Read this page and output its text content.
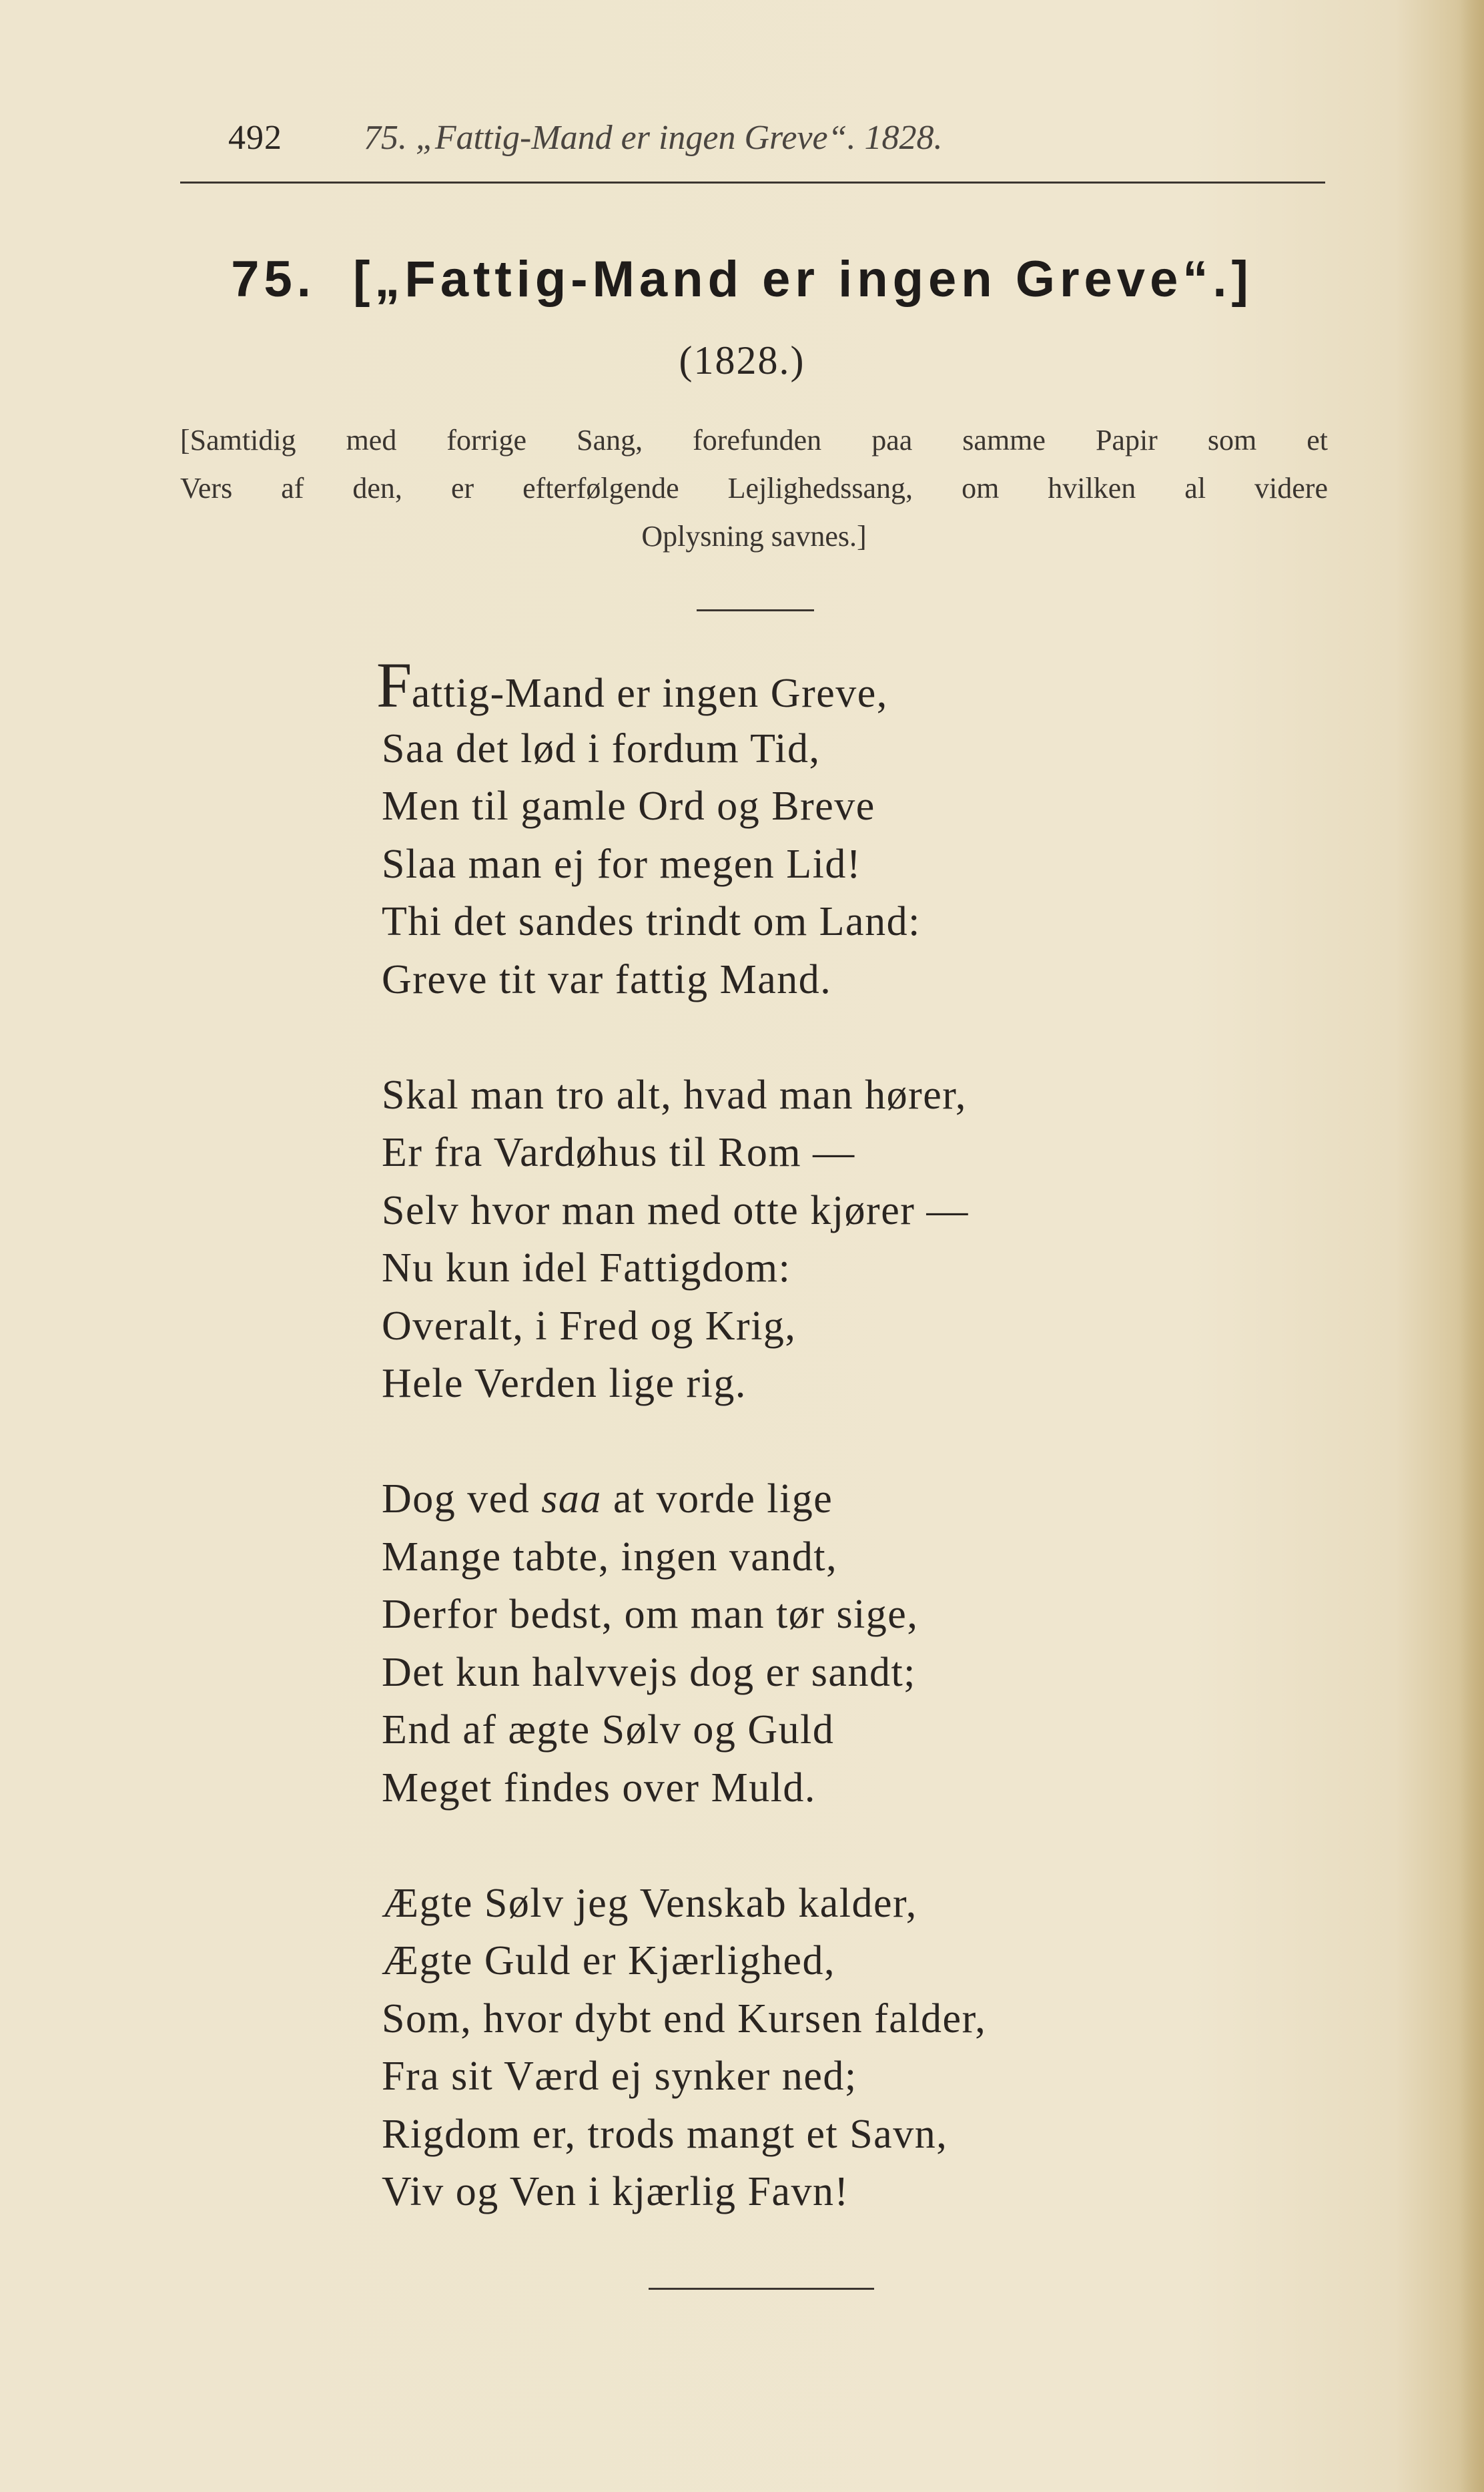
492 75. „Fattig-Mand er ingen Greve“. 1828.
75. [„Fattig-Mand er ingen Greve“.]
(1828.)
[Samtidig med forrige Sang, forefunden paa samme Papir som et
Vers af den, er efterfølgende Lejlighedssang, om hvilken al videre
Oplysning savnes.]
Fattig-Mand er ingen Greve,
Saa det lød i fordum Tid,
Men til gamle Ord og Breve
Slaa man ej for megen Lid!
Thi det sandes trindt om Land:
Greve tit var fattig Mand.
Skal man tro alt, hvad man hører,
Er fra Vardøhus til Rom —
Selv hvor man med otte kjører —
Nu kun idel Fattigdom:
Overalt, i Fred og Krig,
Hele Verden lige rig.
Dog ved saa at vorde lige
Mange tabte, ingen vandt,
Derfor bedst, om man tør sige,
Det kun halvvejs dog er sandt;
End af ægte Sølv og Guld
Meget findes over Muld.
Ægte Sølv jeg Venskab kalder,
Ægte Guld er Kjærlighed,
Som, hvor dybt end Kursen falder,
Fra sit Værd ej synker ned;
Rigdom er, trods mangt et Savn,
Viv og Ven i kjærlig Favn!
